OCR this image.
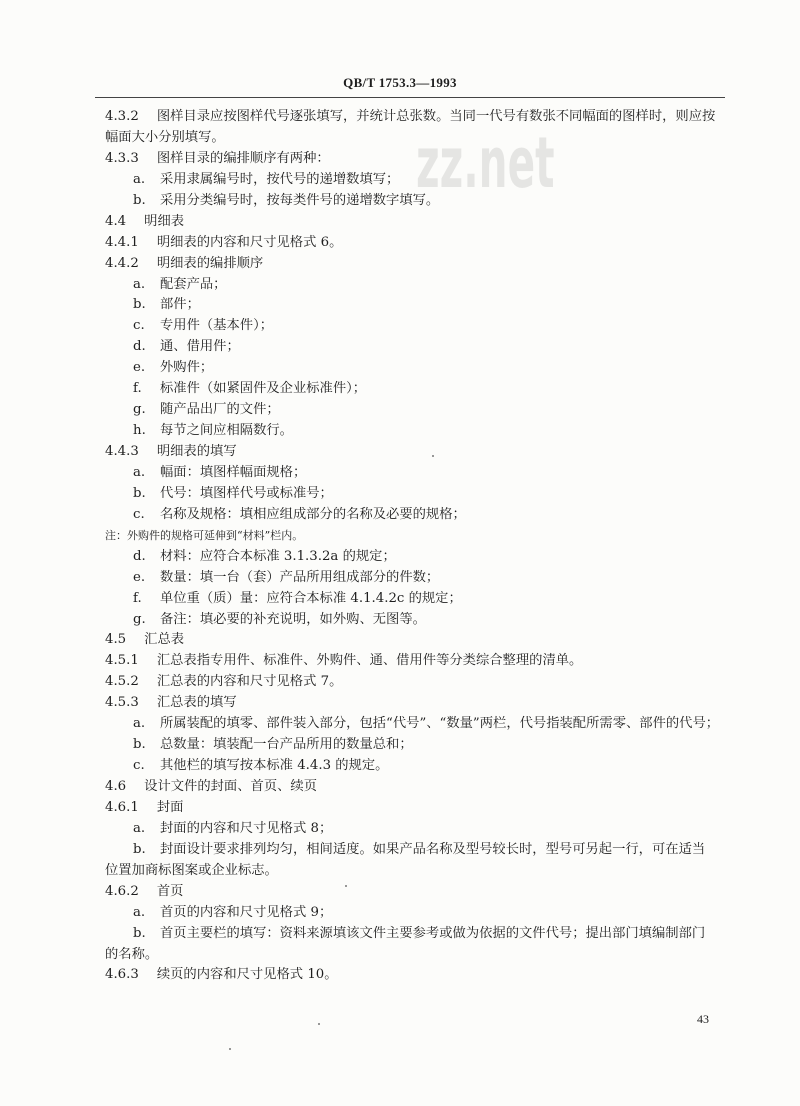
QB/T 1753.3—1993
zz.net
4.3.2 图样目录应按图样代号逐张填写，并统计总张数。当同一代号有数张不同幅面的图样时，则应按
幅面大小分别填写。
4.3.3 图样目录的编排顺序有两种：
a. 采用隶属编号时，按代号的递增数填写；
b. 采用分类编号时，按每类件号的递增数字填写。
4.4 明细表
4.4.1 明细表的内容和尺寸见格式 6。
4.4.2 明细表的编排顺序
a. 配套产品；
b. 部件；
c. 专用件（基本件）；
d. 通、借用件；
e. 外购件；
f. 标准件（如紧固件及企业标准件）；
g. 随产品出厂的文件；
h. 每节之间应相隔数行。
4.4.3 明细表的填写
a. 幅面：填图样幅面规格；
b. 代号：填图样代号或标准号；
c. 名称及规格：填相应组成部分的名称及必要的规格；
注：外购件的规格可延伸到“材料”栏内。
d. 材料：应符合本标准 3.1.3.2a 的规定；
e. 数量：填一台（套）产品所用组成部分的件数；
f. 单位重（质）量：应符合本标准 4.1.4.2c 的规定；
g. 备注：填必要的补充说明，如外购、无图等。
4.5 汇总表
4.5.1 汇总表指专用件、标准件、外购件、通、借用件等分类综合整理的清单。
4.5.2 汇总表的内容和尺寸见格式 7。
4.5.3 汇总表的填写
a. 所属装配的填零、部件装入部分，包括“代号”、“数量”两栏，代号指装配所需零、部件的代号；
b. 总数量：填装配一台产品所用的数量总和；
c. 其他栏的填写按本标准 4.4.3 的规定。
4.6 设计文件的封面、首页、续页
4.6.1 封面
a. 封面的内容和尺寸见格式 8；
b. 封面设计要求排列均匀，相间适度。如果产品名称及型号较长时，型号可另起一行，可在适当
位置加商标图案或企业标志。
4.6.2 首页
a. 首页的内容和尺寸见格式 9；
b. 首页主要栏的填写：资料来源填该文件主要参考或做为依据的文件代号；提出部门填编制部门
的名称。
4.6.3 续页的内容和尺寸见格式 10。
43
